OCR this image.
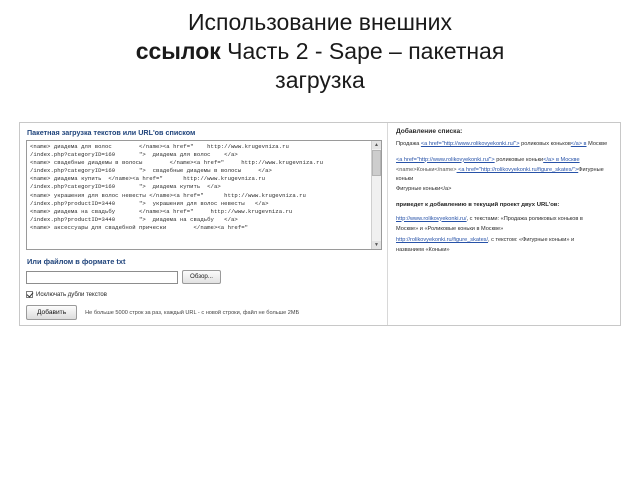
Использование внешних
ссылок Часть 2 - Sape – пакетная
загрузка
Пакетная загрузка текстов или URL'ов списком
<name> диадема для волос        </name><a href="    http://www.krugevniza.ru
/index.php?categoryID=169       ">  диадема для волос    </a>
<name> свадебные диадемы в волосы        </name><a href="     http://www.krugevniza.ru
/index.php?categoryID=169       ">  свадебные диадемы в волосы     </a>
<name> диадема купить  </name><a href="      http://www.krugevniza.ru
/index.php?categoryID=169       ">  диадема купить  </a>
<name> украшения для волос невесты </name><a href="      http://www.krugevniza.ru
/index.php?productID=3440       ">  украшения для волос невесты   </a>
<name> диадема на свадьбу       </name><a href="     http://www.krugevniza.ru
/index.php?productID=3440       ">  диадема на свадьбу   </a>
<name> аксессуары для свадебной прически        </name><a href="
▲
▼
Или файлом в формате txt
Обзор...
Исключать дубли текстов
Добавить	Не больше 5000 строк за раз, каждый URL - с новой строки, файл не больше 2МБ
Добавление списка:
Продажа <a href="http://www.rolikovyekonki.ru/"> роликовых коньков</a> в Москве
<a href="http://www.rolikovyekonki.ru/"> роликовые коньки</a> в Москве
<name>Коньки</name> <a href="http://rolikovyekonki.ru/figure_skates/">Фигурные коньки
Фигурные коньки</a>
приведет к добавлению в текущий проект двух URL'ов:
http://www.rolikovyekonki.ru/, с текстами: «Продажа роликовых коньков в
Москве» и «Роликовые коньки в Москве»
http://rolikovyekonki.ru/figure_skates/, с текстом: «Фигурные коньки» и
названием «Коньки»
